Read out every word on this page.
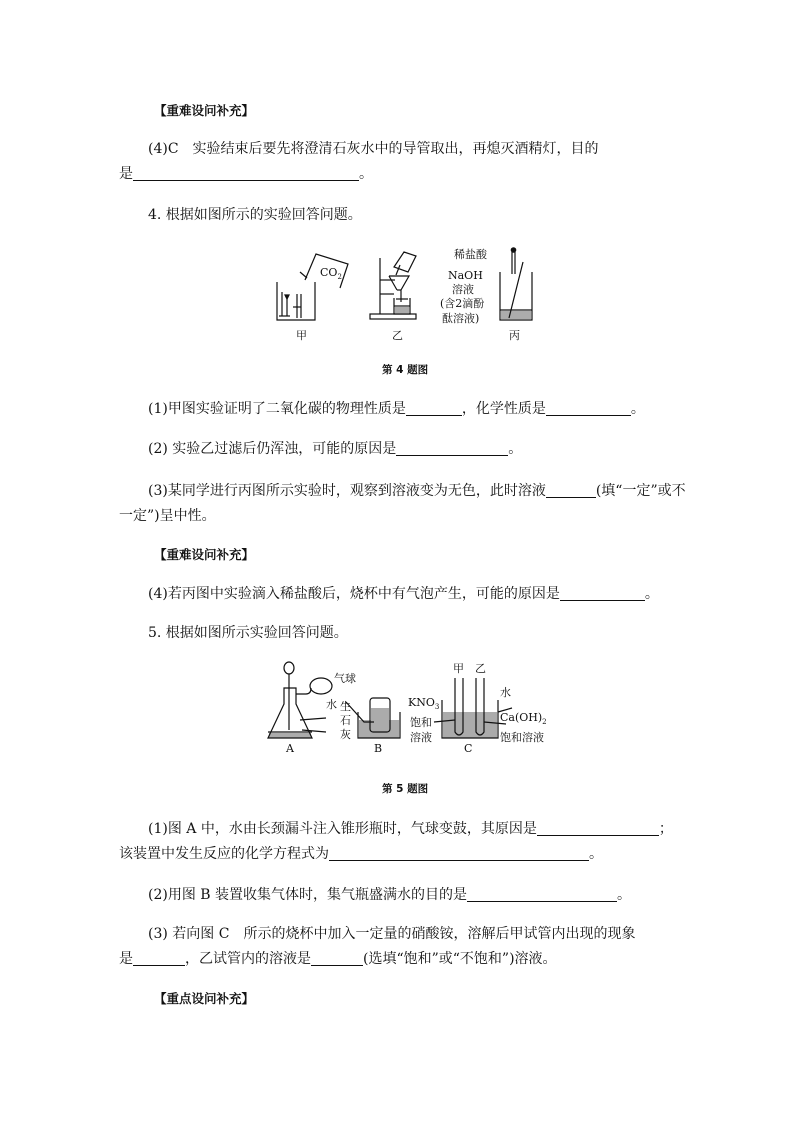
【重难设问补充】
(4)C　实验结束后要先将澄清石灰水中的导管取出，再熄灭酒精灯，目的
是	。
4. 根据如图所示的实验回答问题。
$CO_2$
甲	乙	丙
稀盐酸
NaOH
溶液
(含2滴酚
酞溶液)
第 4 题图
(1)甲图实验证明了二氧化碳的物理性质是	，化学性质是	。
(2) 实验乙过滤后仍浑浊，可能的原因是	。
(3)某同学进行丙图所示实验时，观察到溶液变为无色，此时溶液	(填“一定”或不
一定”)呈中性。
【重难设问补充】
(4)若丙图中实验滴入稀盐酸后，烧杯中有气泡产生，可能的原因是	。
5. 根据如图所示实验回答问题。
气球
水 生
石
灰
A	B	C
甲 乙
$KNO_3$
饱和
溶液
水
$Ca(OH)_2$
饱和溶液
第 5 题图
(1)图 A 中，水由长颈漏斗注入锥形瓶时，气球变鼓，其原因是	；
该装置中发生反应的化学方程式为	。
(2)用图 B 装置收集气体时，集气瓶盛满水的目的是	。
(3) 若向图 C　所示的烧杯中加入一定量的硝酸铵，溶解后甲试管内出现的现象
是	，乙试管内的溶液是	(选填“饱和”或“不饱和”)溶液。
【重点设问补充】
